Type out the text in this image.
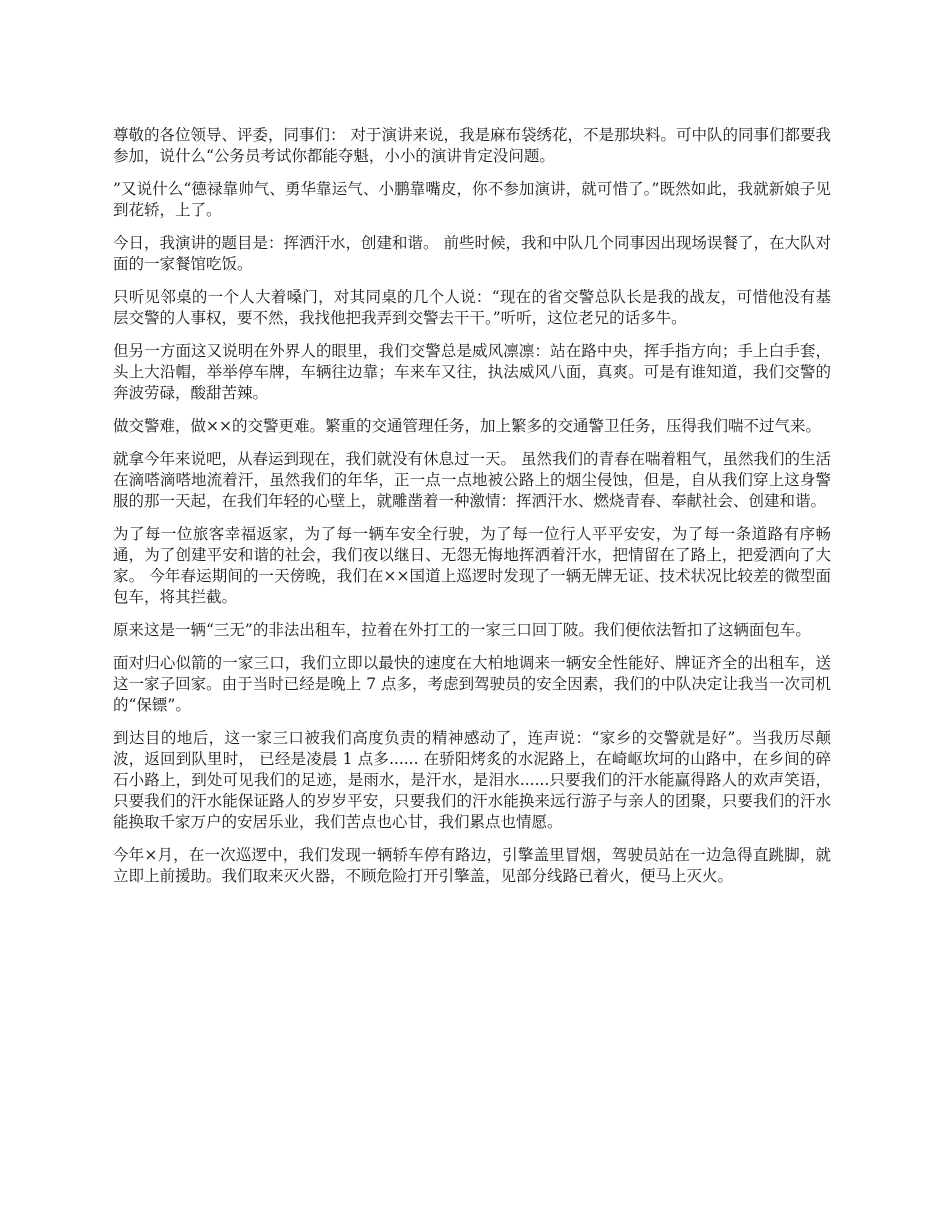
尊敬的各位领导、评委，同事们： 对于演讲来说，我是麻布袋绣花，不是那块料。可中队的同事们都要我参加，说什么“公务员考试你都能夺魁，小小的演讲肯定没问题。

”又说什么“德禄靠帅气、勇华靠运气、小鹏靠嘴皮，你不参加演讲，就可惜了。”既然如此，我就新娘子见到花轿，上了。

今日，我演讲的题目是：挥洒汗水，创建和谐。 前些时候，我和中队几个同事因出现场误餐了，在大队对面的一家餐馆吃饭。

只听见邻桌的一个人大着嗓门，对其同桌的几个人说：“现在的省交警总队长是我的战友，可惜他没有基层交警的人事权，要不然，我找他把我弄到交警去干干。”听听，这位老兄的话多牛。

但另一方面这又说明在外界人的眼里，我们交警总是威风凛凛：站在路中央，挥手指方向；手上白手套，头上大沿帽，举举停车牌，车辆往边靠；车来车又往，执法威风八面，真爽。可是有谁知道，我们交警的奔波劳碌，酸甜苦辣。

做交警难，做××的交警更难。繁重的交通管理任务，加上繁多的交通警卫任务，压得我们喘不过气来。

就拿今年来说吧，从春运到现在，我们就没有休息过一天。 虽然我们的青春在喘着粗气，虽然我们的生活在滴嗒滴嗒地流着汗，虽然我们的年华，正一点一点地被公路上的烟尘侵蚀，但是，自从我们穿上这身警服的那一天起，在我们年轻的心壁上，就雕凿着一种激情：挥洒汗水、燃烧青春、奉献社会、创建和谐。

为了每一位旅客幸福返家，为了每一辆车安全行驶，为了每一位行人平平安安，为了每一条道路有序畅通，为了创建平安和谐的社会，我们夜以继日、无怨无悔地挥洒着汗水，把情留在了路上，把爱洒向了大家。 今年春运期间的一天傍晚，我们在××国道上巡逻时发现了一辆无牌无证、技术状况比较差的微型面包车，将其拦截。

原来这是一辆“三无”的非法出租车，拉着在外打工的一家三口回丁陂。我们便依法暂扣了这辆面包车。

面对归心似箭的一家三口，我们立即以最快的速度在大柏地调来一辆安全性能好、牌证齐全的出租车，送这一家子回家。由于当时已经是晚上 7 点多，考虑到驾驶员的安全因素，我们的中队决定让我当一次司机的“保镖”。

到达目的地后，这一家三口被我们高度负责的精神感动了，连声说：“家乡的交警就是好”。当我历尽颠波，返回到队里时， 已经是凌晨 1 点多...... 在骄阳烤炙的水泥路上，在崎岖坎坷的山路中，在乡间的碎石小路上，到处可见我们的足迹，是雨水，是汗水，是泪水......只要我们的汗水能赢得路人的欢声笑语，只要我们的汗水能保证路人的岁岁平安，只要我们的汗水能换来远行游子与亲人的团聚，只要我们的汗水能换取千家万户的安居乐业，我们苦点也心甘，我们累点也情愿。

今年×月，在一次巡逻中，我们发现一辆轿车停有路边，引擎盖里冒烟，驾驶员站在一边急得直跳脚，就立即上前援助。我们取来灭火器，不顾危险打开引擎盖，见部分线路已着火，便马上灭火。
